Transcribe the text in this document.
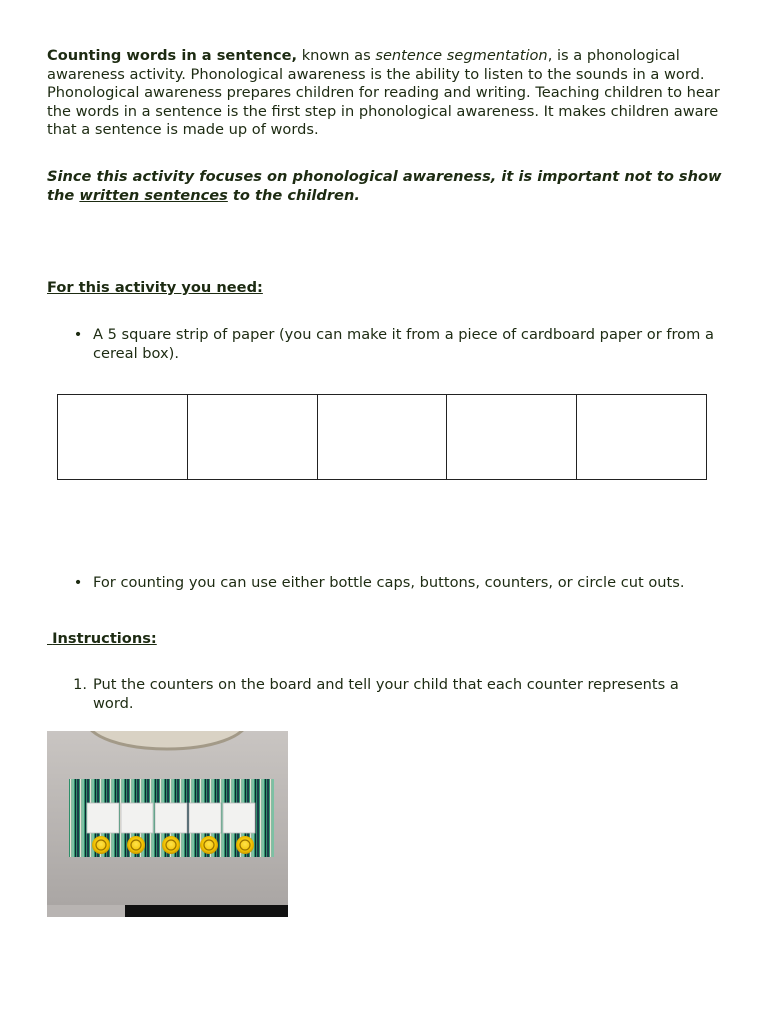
Counting words in a sentence, known as sentence segmentation, is a phonological awareness activity. Phonological awareness is the ability to listen to the sounds in a word. Phonological awareness prepares children for reading and writing. Teaching children to hear the words in a sentence is the first step in phonological awareness. It makes children aware that a sentence is made up of words.

Since this activity focuses on phonological awareness, it is important not to show the written sentences to the children.

For this activity you need:

• A 5 square strip of paper (you can make it from a piece of cardboard paper or from a cereal box).
• For counting you can use either bottle caps, buttons, counters, or circle cut outs.

Instructions:

1. Put the counters on the board and tell your child that each counter represents a word.
